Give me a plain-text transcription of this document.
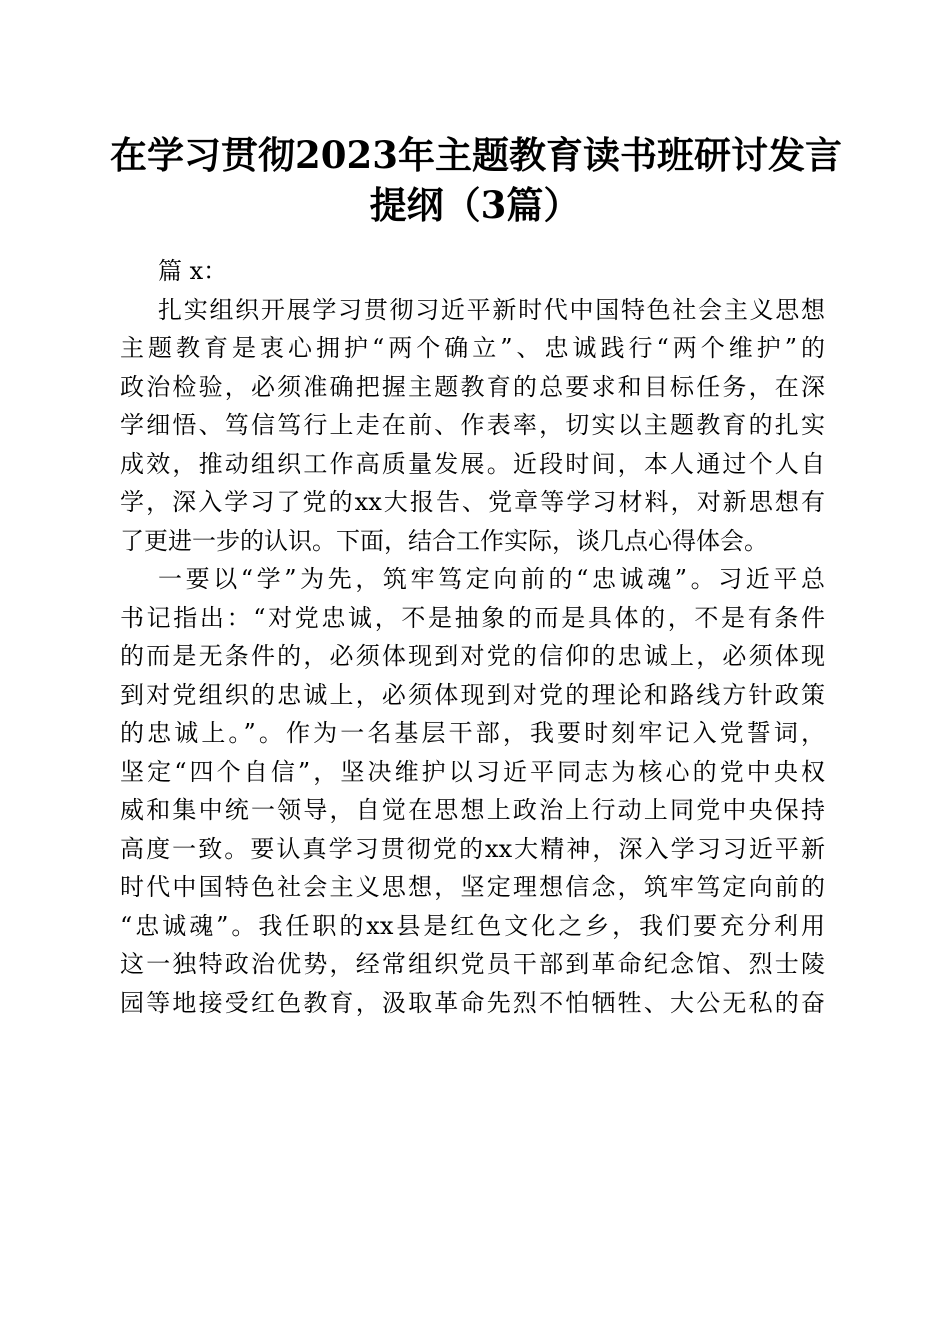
在学习贯彻2023年主题教育读书班研讨发言
提纲（3篇）
篇 x：
扎实组织开展学习贯彻习近平新时代中国特色社会主义思想
主题教育是衷心拥护“两个确立”、忠诚践行“两个维护”的
政治检验，必须准确把握主题教育的总要求和目标任务，在深
学细悟、笃信笃行上走在前、作表率，切实以主题教育的扎实
成效，推动组织工作高质量发展。近段时间，本人通过个人自
学，深入学习了党的xx大报告、党章等学习材料，对新思想有
了更进一步的认识。下面，结合工作实际，谈几点心得体会。
一要以“学”为先，筑牢笃定向前的“忠诚魂”。习近平总
书记指出：“对党忠诚，不是抽象的而是具体的，不是有条件
的而是无条件的，必须体现到对党的信仰的忠诚上，必须体现
到对党组织的忠诚上，必须体现到对党的理论和路线方针政策
的忠诚上。”。作为一名基层干部，我要时刻牢记入党誓词，
坚定“四个自信”，坚决维护以习近平同志为核心的党中央权
威和集中统一领导，自觉在思想上政治上行动上同党中央保持
高度一致。要认真学习贯彻党的xx大精神，深入学习习近平新
时代中国特色社会主义思想，坚定理想信念，筑牢笃定向前的
“忠诚魂”。我任职的xx县是红色文化之乡，我们要充分利用
这一独特政治优势，经常组织党员干部到革命纪念馆、烈士陵
园等地接受红色教育，汲取革命先烈不怕牺牲、大公无私的奋
